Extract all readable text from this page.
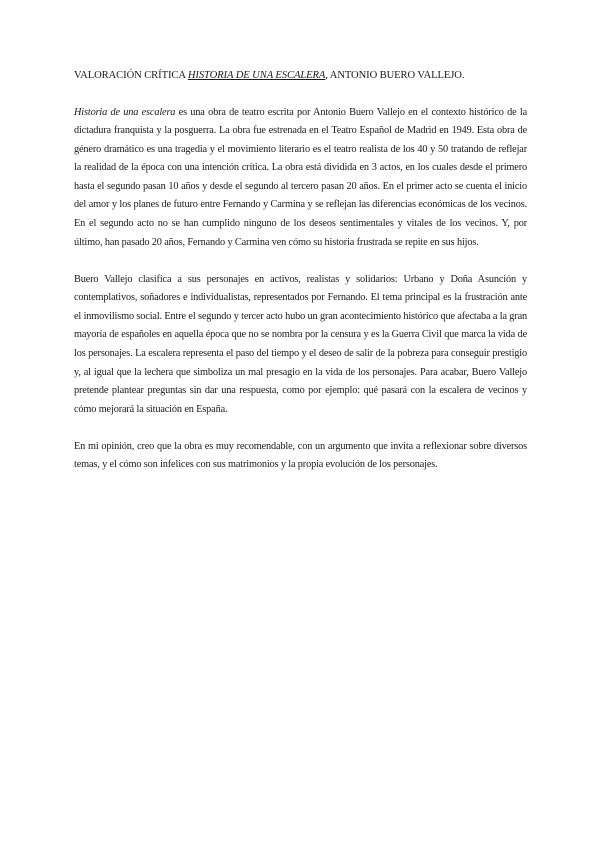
VALORACIÓN CRÍTICA HISTORIA DE UNA ESCALERA, ANTONIO BUERO VALLEJO.

Historia de una escalera es una obra de teatro escrita por Antonio Buero Vallejo en el contexto histórico de la dictadura franquista y la posguerra. La obra fue estrenada en el Teatro Español de Madrid en 1949. Esta obra de género dramático es una tragedia y el movimiento literario es el teatro realista de los 40 y 50 tratando de reflejar la realidad de la época con una intención crítica. La obra está dividida en 3 actos, en los cuales desde el primero hasta el segundo pasan 10 años y desde el segundo al tercero pasan 20 años. En el primer acto se cuenta el inicio del amor y los planes de futuro entre Fernando y Carmina y se reflejan las diferencias económicas de los vecinos. En el segundo acto no se han cumplido ninguno de los deseos sentimentales y vitales de los vecinos. Y, por último, han pasado 20 años, Fernando y Carmina ven cómo su historia frustrada se repite en sus hijos.

Buero Vallejo clasifica a sus personajes en activos, realistas y solidarios: Urbano y Doña Asunción y contemplativos, soñadores e individualistas, representados por Fernando. El tema principal es la frustración ante el inmovilismo social. Entre el segundo y tercer acto hubo un gran acontecimiento histórico que afectaba a la gran mayoría de españoles en aquella época que no se nombra por la censura y es la Guerra Civil que marca la vida de los personajes. La escalera representa el paso del tiempo y el deseo de salir de la pobreza para conseguir prestigio y, al igual que la lechera que simboliza un mal presagio en la vida de los personajes. Para acabar, Buero Vallejo pretende plantear preguntas sin dar una respuesta, como por ejemplo: qué pasará con la escalera de vecinos y cómo mejorará la situación en España.

En mi opinión, creo que la obra es muy recomendable, con un argumento que invita a reflexionar sobre diversos temas, y el cómo son infelices con sus matrimonios y la propia evolución de los personajes.
